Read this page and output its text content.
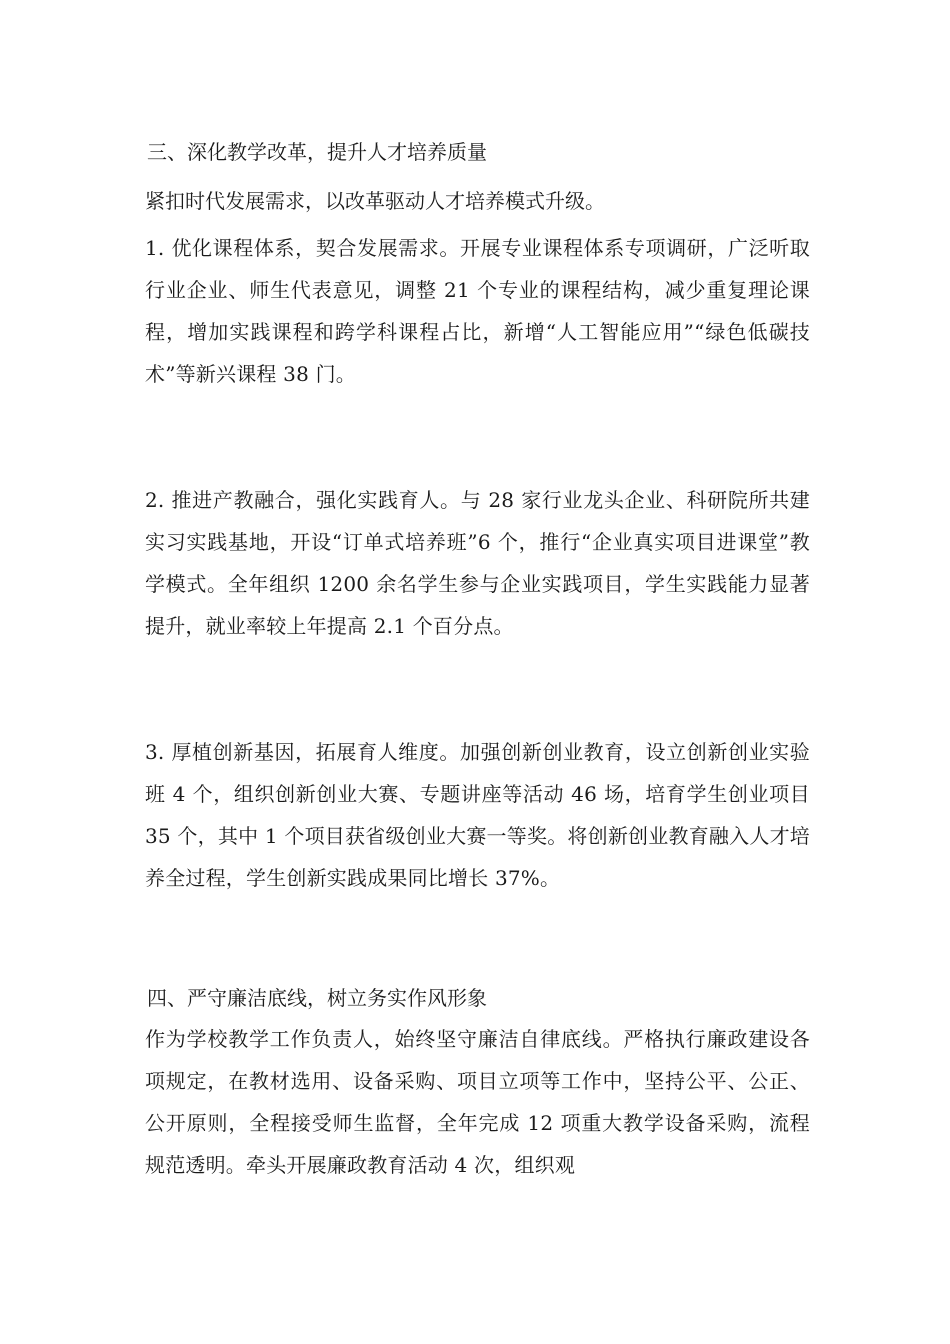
三、深化教学改革，提升人才培养质量
紧扣时代发展需求，以改革驱动人才培养模式升级。
1. 优化课程体系，契合发展需求。开展专业课程体系专项调研，广泛听取行业企业、师生代表意见，调整 21 个专业的课程结构，减少重复理论课程，增加实践课程和跨学科课程占比，新增“人工智能应用”“绿色低碳技术”等新兴课程 38 门。
2. 推进产教融合，强化实践育人。与 28 家行业龙头企业、科研院所共建实习实践基地，开设“订单式培养班”6 个，推行“企业真实项目进课堂”教学模式。全年组织 1200 余名学生参与企业实践项目，学生实践能力显著提升，就业率较上年提高 2.1 个百分点。
3. 厚植创新基因，拓展育人维度。加强创新创业教育，设立创新创业实验班 4 个，组织创新创业大赛、专题讲座等活动 46 场，培育学生创业项目 35 个，其中 1 个项目获省级创业大赛一等奖。将创新创业教育融入人才培养全过程，学生创新实践成果同比增长 37%。
四、严守廉洁底线，树立务实作风形象
作为学校教学工作负责人，始终坚守廉洁自律底线。严格执行廉政建设各项规定，在教材选用、设备采购、项目立项等工作中，坚持公平、公正、公开原则，全程接受师生监督，全年完成 12 项重大教学设备采购，流程规范透明。牵头开展廉政教育活动 4 次，组织观
